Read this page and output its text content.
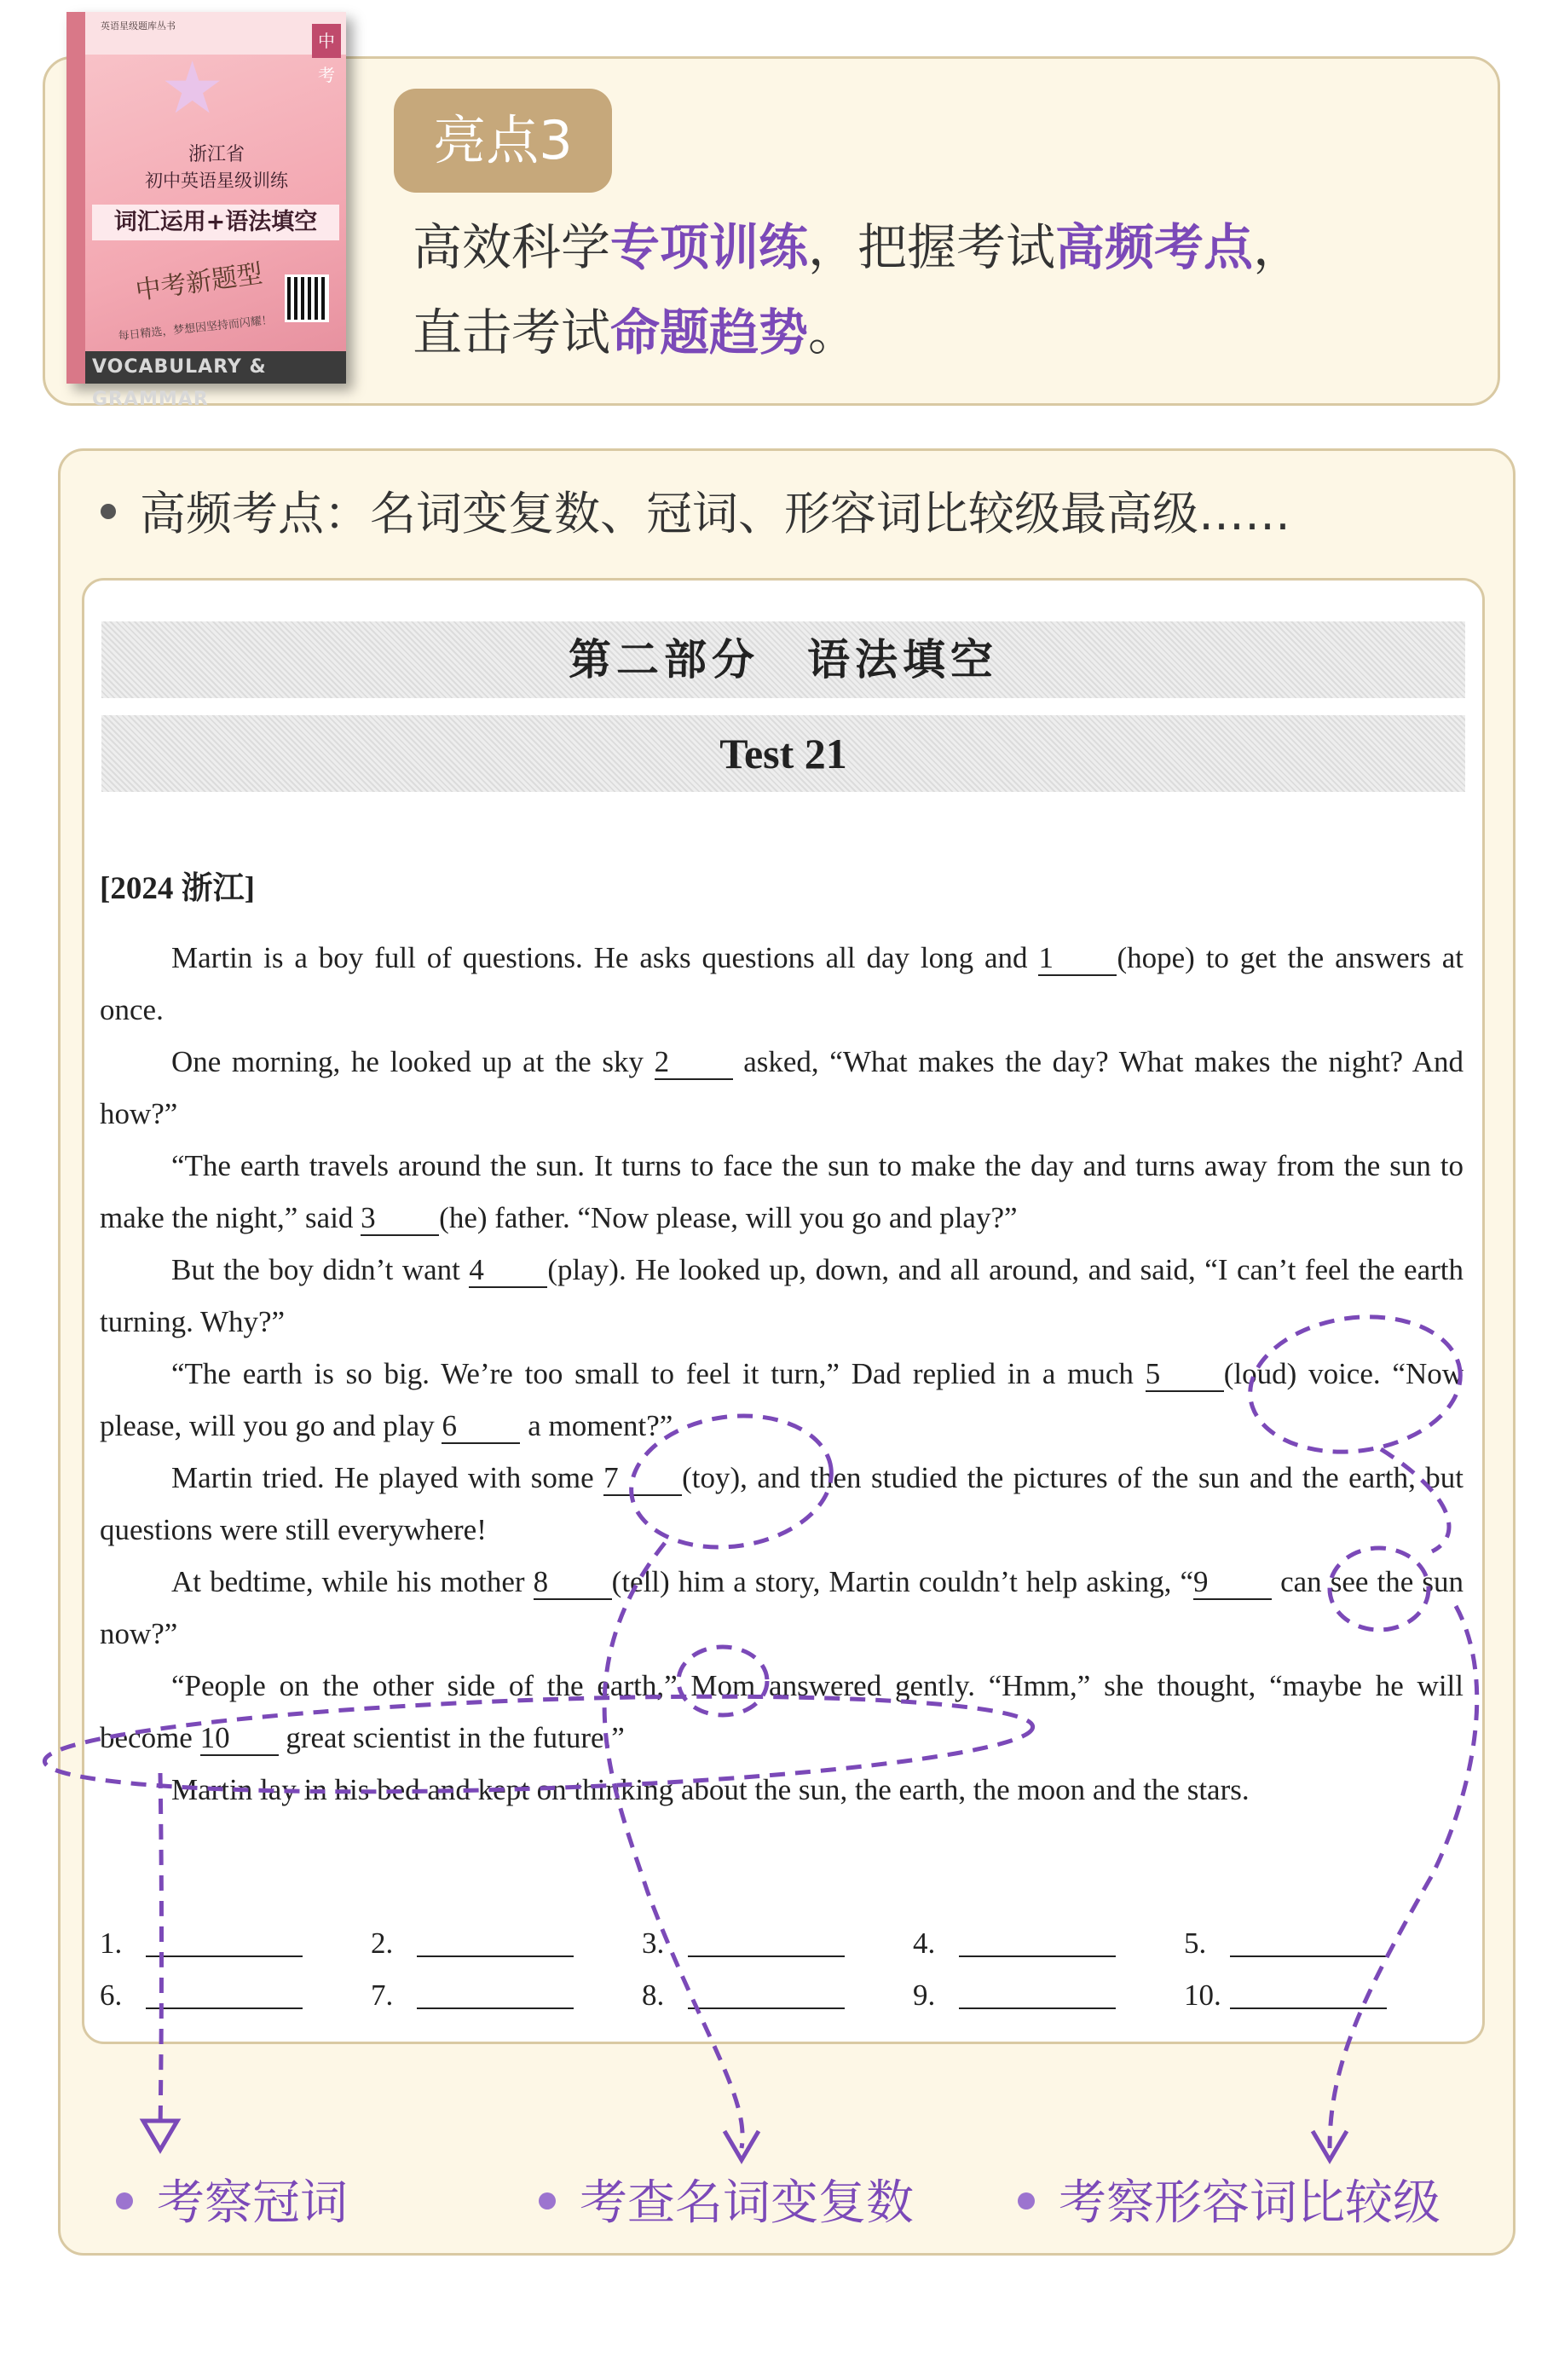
英语星级题库丛书
中考
★
浙江省
初中英语星级训练
词汇运用+语法填空
中考新题型
每日精选，梦想因坚持而闪耀！
VOCABULARY & GRAMMAR
亮点3
高效科学专项训练，把握考试高频考点，
直击考试命题趋势。
高频考点：名词变复数、冠词、形容词比较级最高级……
第二部分　语法填空
Test 21
[2024 浙江]

Martin is a boy full of questions. He asks questions all day long and 1 (hope) to get the answers at once.

One morning, he looked up at the sky 2 asked, “What makes the day? What makes the night? And how?”

“The earth travels around the sun. It turns to face the sun to make the day and turns away from the sun to make the night,” said 3 (he) father. “Now please, will you go and play?”

But the boy didn’t want 4 (play). He looked up, down, and all around, and said, “I can’t feel the earth turning. Why?”

“The earth is so big. We’re too small to feel it turn,” Dad replied in a much 5 (loud) voice. “Now please, will you go and play 6 a moment?”

Martin tried. He played with some 7 (toy), and then studied the pictures of the sun and the earth, but questions were still everywhere!

At bedtime, while his mother 8 (tell) him a story, Martin couldn’t help asking, “9 can see the sun now?”

“People on the other side of the earth,” Mom answered gently. “Hmm,” she thought, “maybe he will become 10 great scientist in the future.”

Martin lay in his bed and kept on thinking about the sun, the earth, the moon and the stars.

1.	2.	3.	4.	5.
6.	7.	8.	9.	10.
考察冠词	考查名词变复数	考察形容词比较级
